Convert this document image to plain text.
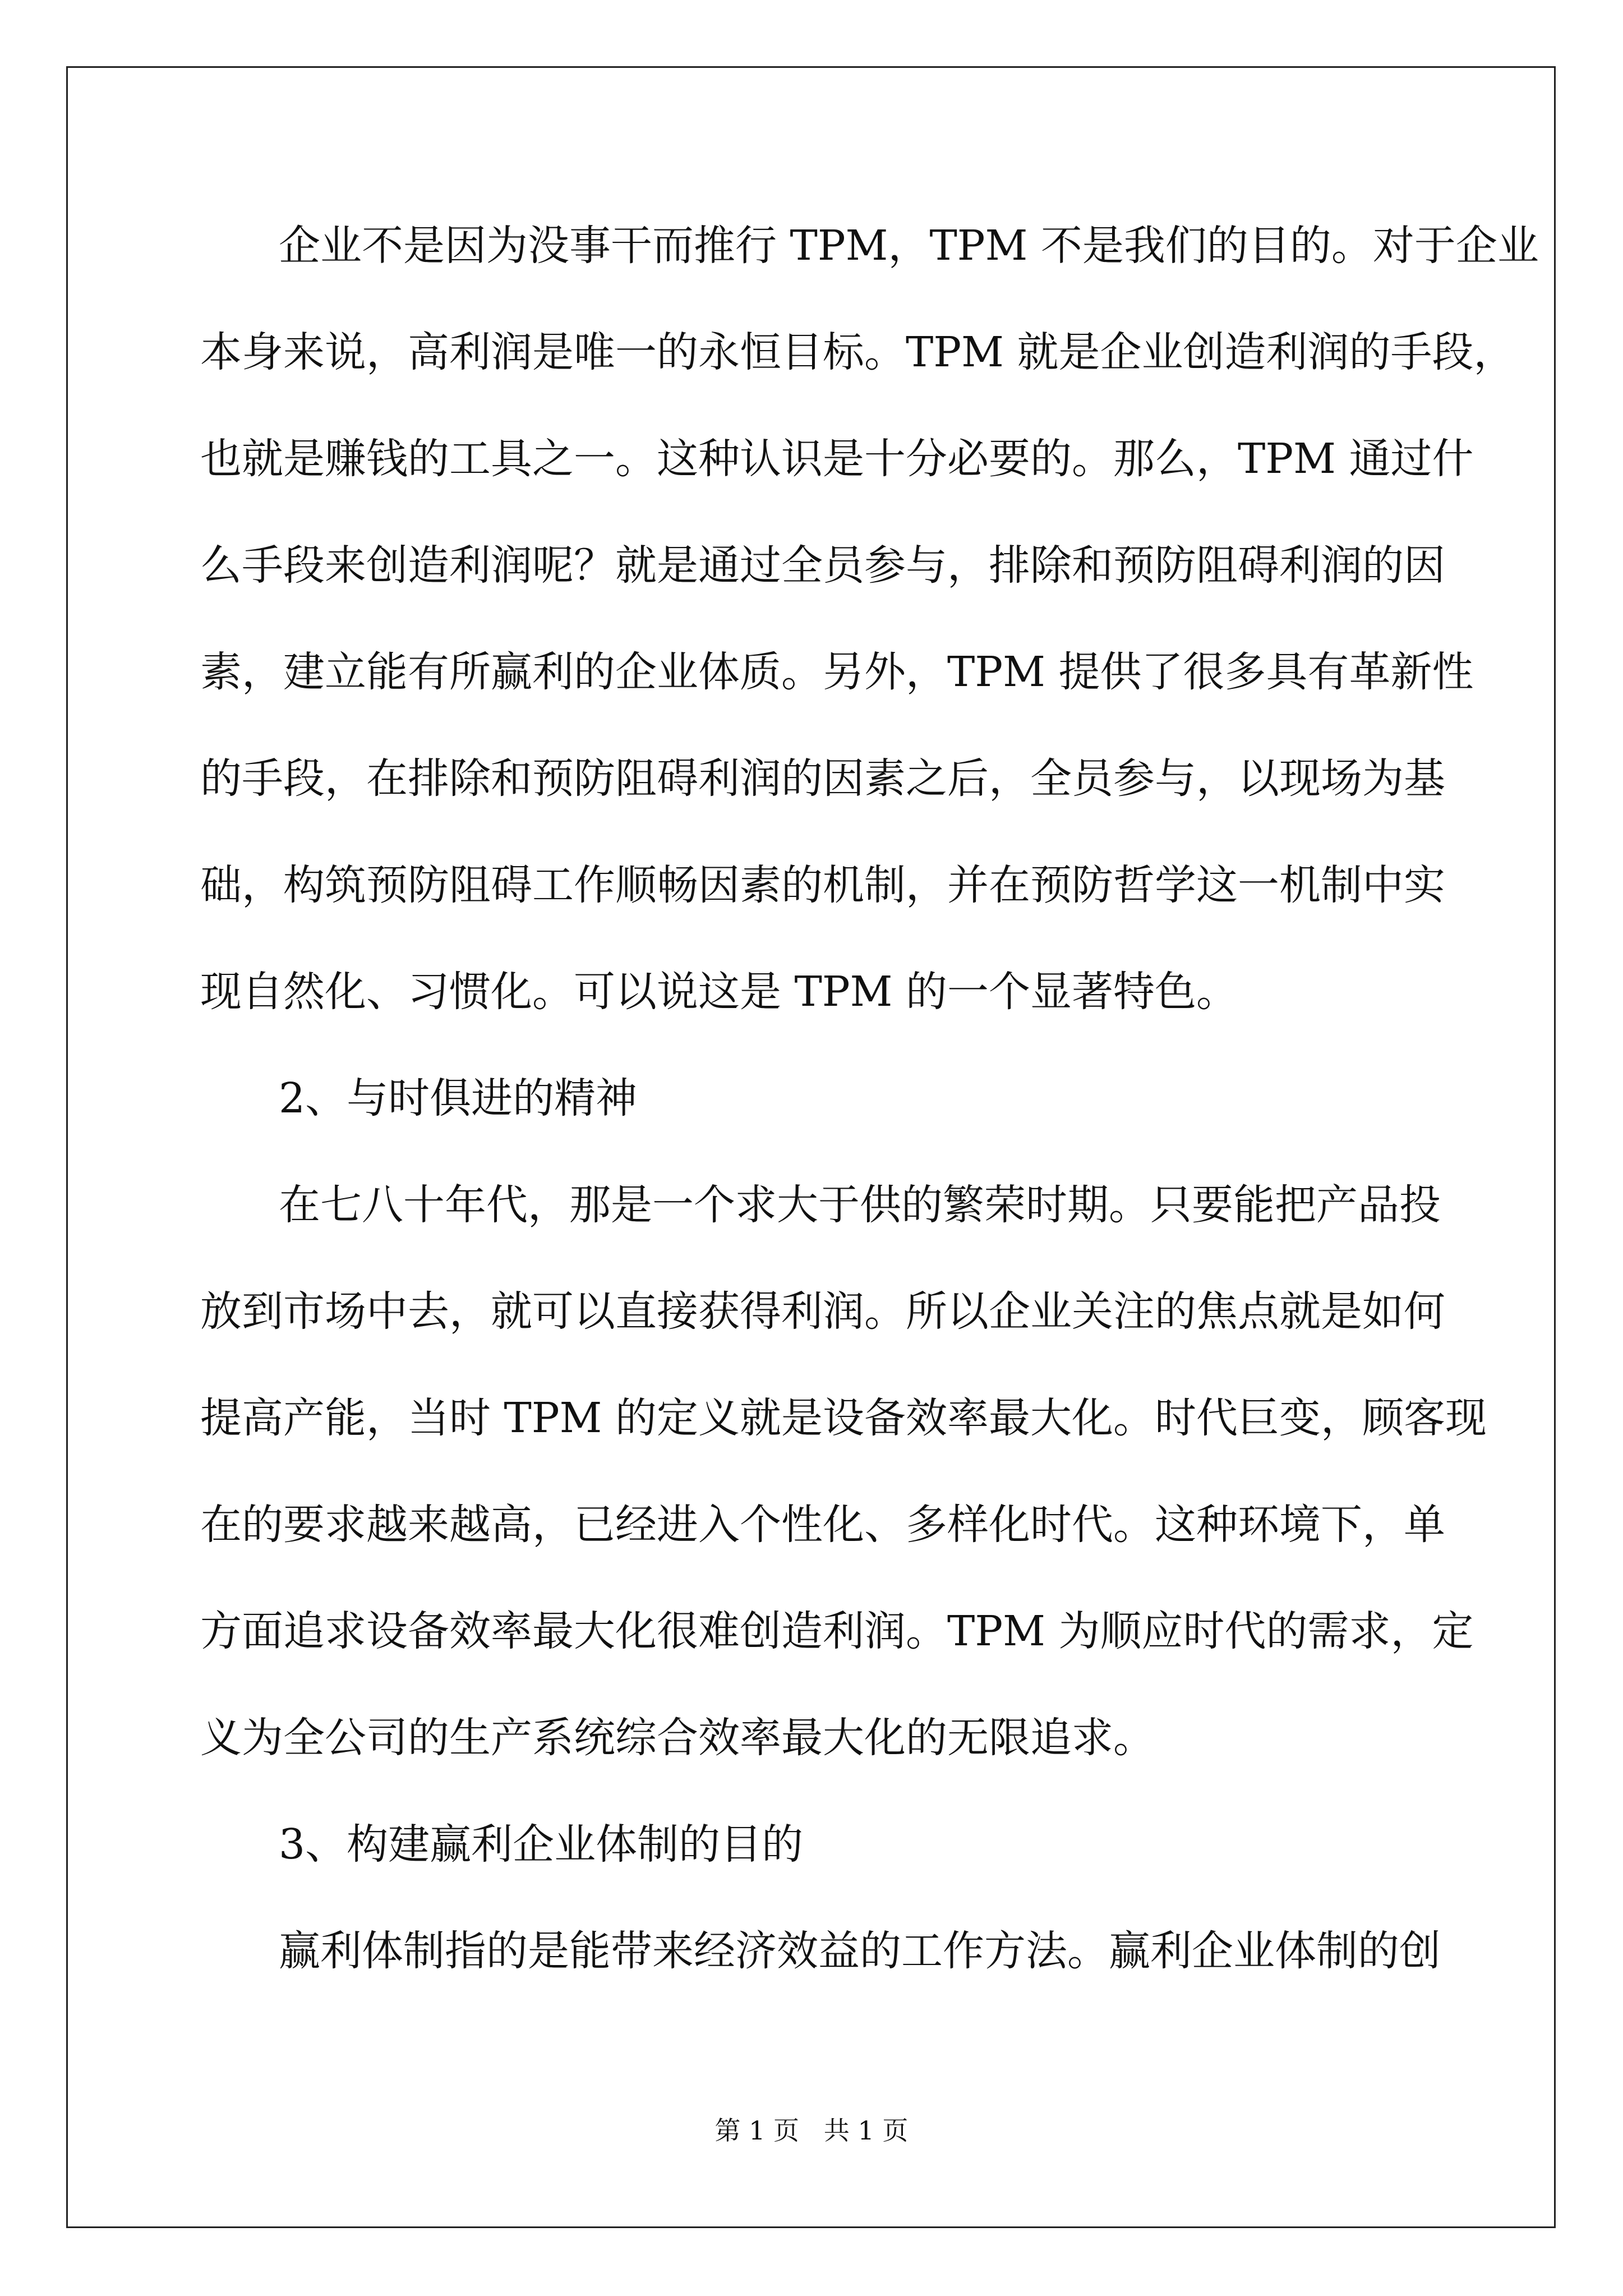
企业不是因为没事干而推行 TPM，TPM 不是我们的目的。对于企业
本身来说，高利润是唯一的永恒目标。TPM 就是企业创造利润的手段，
也就是赚钱的工具之一。这种认识是十分必要的。那么，TPM 通过什
么手段来创造利润呢？就是通过全员参与，排除和预防阻碍利润的因
素，建立能有所赢利的企业体质。另外，TPM 提供了很多具有革新性
的手段，在排除和预防阻碍利润的因素之后，全员参与，以现场为基
础，构筑预防阻碍工作顺畅因素的机制，并在预防哲学这一机制中实
现自然化、习惯化。可以说这是 TPM 的一个显著特色。
2、与时俱进的精神
在七八十年代，那是一个求大于供的繁荣时期。只要能把产品投
放到市场中去，就可以直接获得利润。所以企业关注的焦点就是如何
提高产能，当时 TPM 的定义就是设备效率最大化。时代巨变，顾客现
在的要求越来越高，已经进入个性化、多样化时代。这种环境下，单
方面追求设备效率最大化很难创造利润。TPM 为顺应时代的需求，定
义为全公司的生产系统综合效率最大化的无限追求。
3、构建赢利企业体制的目的
赢利体制指的是能带来经济效益的工作方法。赢利企业体制的创
第 1 页   共 1 页
